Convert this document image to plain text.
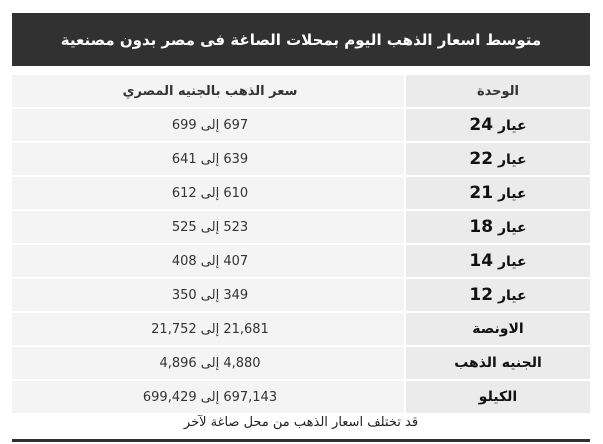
متوسط اسعار الذهب اليوم بمحلات الصاغة فى مصر بدون مصنعية
سعر الذهب بالجنيه المصري	الوحدة
697 إلى 699	عيار 24
639 إلى 641	عيار 22
610 إلى 612	عيار 21
523 إلى 525	عيار 18
407 إلى 408	عيار 14
349 إلى 350	عيار 12
21,681 إلى 21,752	الاونصة
4,880 إلى 4,896	الجنيه الذهب
697,143 إلى 699,429	الكيلو
قد تختلف اسعار الذهب من محل صاغة لآخر
